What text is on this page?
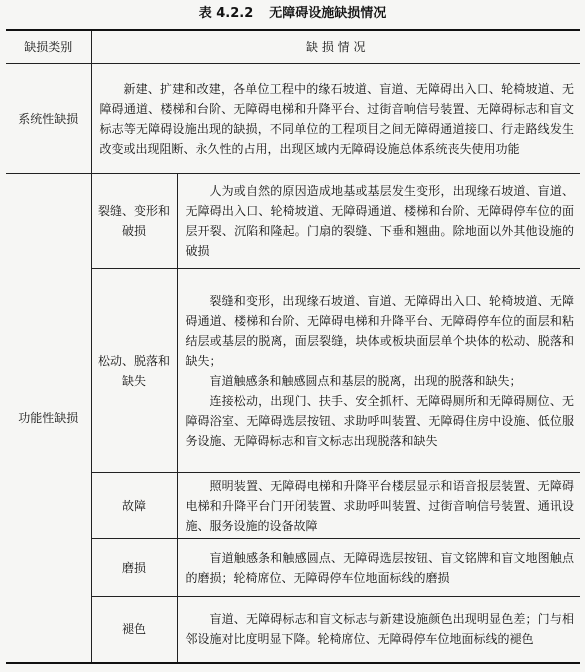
表 4.2.2 无障碍设施缺损情况
缺损类别	缺 损 情 况	
系统性缺损	新建、扩建和改建，各单位工程中的缘石坡道、盲道、无障碍出入口、轮椅坡道、无障碍通道、楼梯和台阶、无障碍电梯和升降平台、过街音响信号装置、无障碍标志和盲文标志等无障碍设施出现的缺损，不同单位的工程项目之间无障碍通道接口、行走路线发生改变或出现阻断、永久性的占用，出现区域内无障碍设施总体系统丧失使用功能	

功能性缺损	裂缝、变形和破损	人为或自然的原因造成地基或基层发生变形，出现缘石坡道、盲道、无障碍出入口、轮椅坡道、无障碍通道、楼梯和台阶、无障碍停车位的面层开裂、沉陷和隆起。门扇的裂缝、下垂和翘曲。除地面以外其他设施的破损

	松动、脱落和缺失	裂缝和变形，出现缘石坡道、盲道、无障碍出入口、轮椅坡道、无障碍通道、楼梯和台阶、无障碍电梯和升降平台、无障碍停车位的面层和粘结层或基层的脱离，面层裂缝，块体或板块面层单个块体的松动、脱落和缺失；

盲道触感条和触感圆点和基层的脱离，出现的脱落和缺失；

连接松动，出现门、扶手、安全抓杆、无障碍厕所和无障碍厕位、无障碍浴室、无障碍选层按钮、求助呼叫装置、无障碍住房中设施、低位服务设施、无障碍标志和盲文标志出现脱落和缺失

	故障	照明装置、无障碍电梯和升降平台楼层显示和语音报层装置、无障碍电梯和升降平台门开闭装置、求助呼叫装置、过街音响信号装置、通讯设施、服务设施的设备故障

	磨损	盲道触感条和触感圆点、无障碍选层按钮、盲文铭牌和盲文地图触点的磨损；轮椅席位、无障碍停车位地面标线的磨损

	褪色	盲道、无障碍标志和盲文标志与新建设施颜色出现明显色差；门与相邻设施对比度明显下降。轮椅席位、无障碍停车位地面标线的褪色
